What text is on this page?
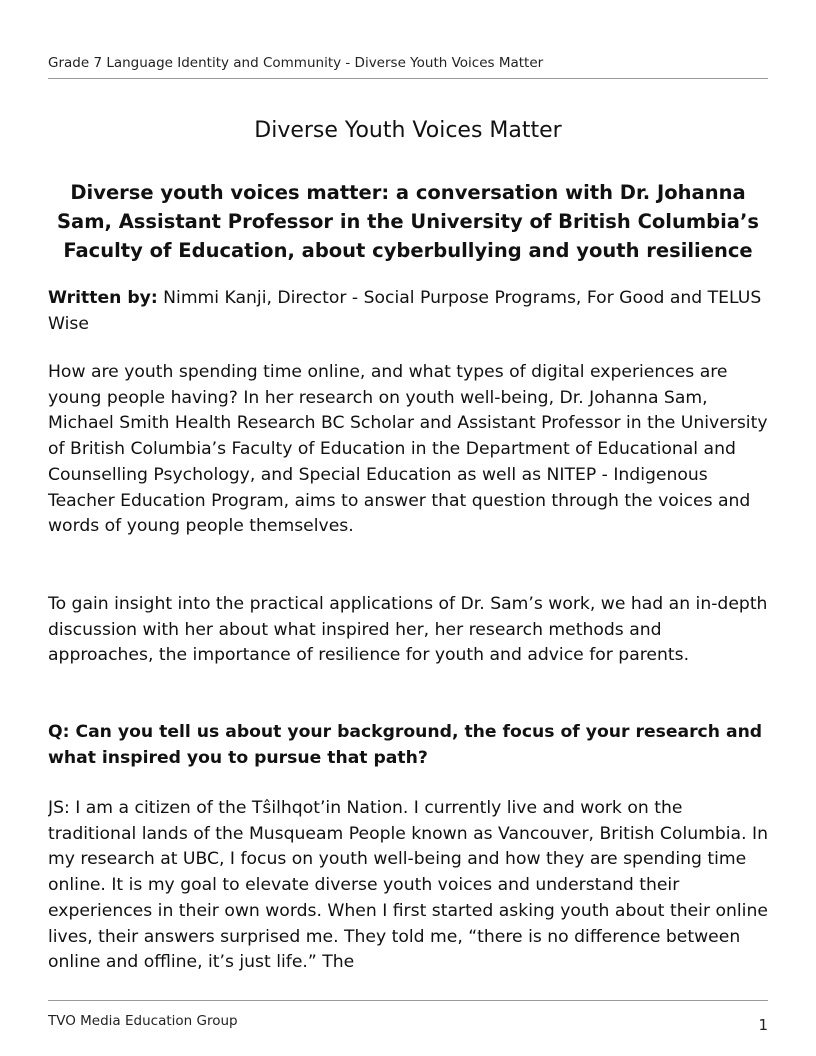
Grade 7 Language Identity and Community - Diverse Youth Voices Matter
Diverse Youth Voices Matter
Diverse youth voices matter: a conversation with Dr. Johanna Sam, Assistant Professor in the University of British Columbia’s Faculty of Education, about cyberbullying and youth resilience

Written by: Nimmi Kanji, Director - Social Purpose Programs, For Good and TELUS Wise

How are youth spending time online, and what types of digital experiences are young people having? In her research on youth well-being, Dr. Johanna Sam, Michael Smith Health Research BC Scholar and Assistant Professor in the University of British Columbia’s Faculty of Education in the Department of Educational and Counselling Psychology, and Special Education as well as NITEP - Indigenous Teacher Education Program, aims to answer that question through the voices and words of young people themselves.

To gain insight into the practical applications of Dr. Sam’s work, we had an in-depth discussion with her about what inspired her, her research methods and approaches, the importance of resilience for youth and advice for parents.

Q: Can you tell us about your background, the focus of your research and what inspired you to pursue that path?

JS: I am a citizen of the Tŝilhqot’in Nation. I currently live and work on the traditional lands of the Musqueam People known as Vancouver, British Columbia. In my research at UBC, I focus on youth well-being and how they are spending time online. It is my goal to elevate diverse youth voices and understand their experiences in their own words. When I first started asking youth about their online lives, their answers surprised me. They told me, “there is no difference between online and offline, it’s just life.” The

TVO Media Education Group	1
